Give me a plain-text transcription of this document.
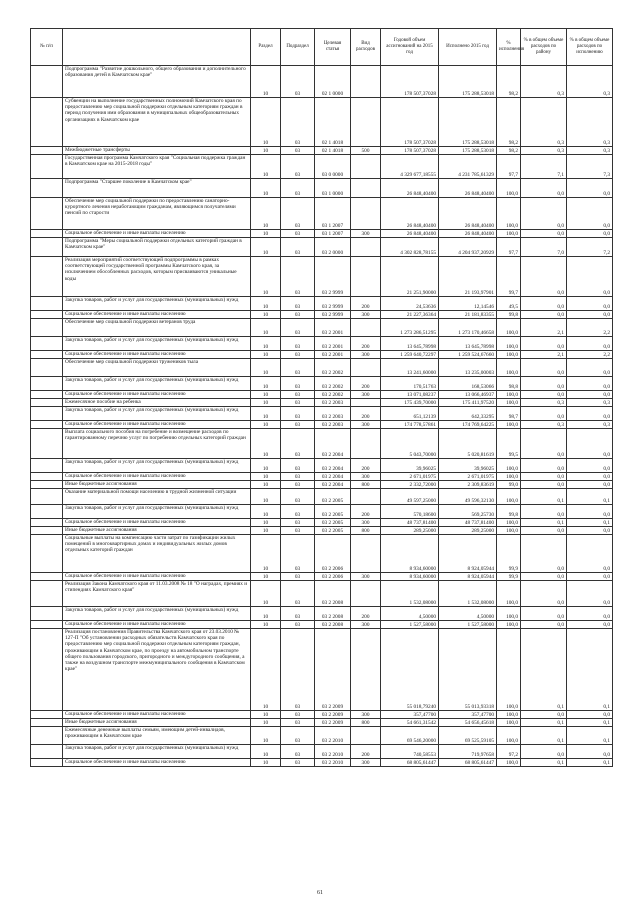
№ п/п		Раздел	Подраздел	Целевая статья	Вид расходов	Годовой объем ассигнований на 2015 год	Исполнено 2015 год	% исполнения	% в общем объеме расходов по району	% в общем объеме расходов по исполнению
	Подпрограмма "Развитие дошкольного, общего образования и дополнительного образования детей в Камчатском крае"	10	03	02 1 0000		178 507,37028	175 288,53018	98,2	0,3	0,3
	Субвенции на выполнение государственных полномочий Камчатского края по предоставлению мер социальной поддержки отдельным категориям граждан в период получения ими образования в муниципальных общеобразовательных организациях в Камчатском крае	10	03	02 1 4018		178 507,37028	175 288,53018	98,2	0,3	0,3
	Межбюджетные трансферты	10	03	02 1 4018	500	178 507,37028	175 288,53018	98,2	0,3	0,3
	Государственная программа Камчатского края "Социальная поддержка граждан в Камчатском крае на 2015-2018 годы"	10	03	03 0 0000		4 329 677,18555	4 231 785,61329	97,7	7,1	7,3
	Подпрограмма "Старшее поколение в Камчатском крае"	10	03	03 1 0000		26 848,40400	26 848,40400	100,0	0,0	0,0
	Обеспечение мер социальной поддержки по предоставлению санаторно-курортного лечения неработающим гражданам, являющимся получателями пенсий по старости	10	03	03 1 2007		26 848,40400	26 848,40400	100,0	0,0	0,0
	Социальное обеспечение и иные выплаты населению	10	03	03 1 2007	300	26 848,40400	26 848,40400	100,0	0,0	0,0
	Подпрограмма "Меры социальной поддержки отдельных категорий граждан в Камчатском крае"	10	03	03 2 0000		4 302 828,78155	4 204 937,20929	97,7	7,0	7,2
	Реализация мероприятий соответствующей подпрограммы в рамках соответствующей государственной программы Камчатского края, за исключением обособленных расходов, которым присваиваются уникальные коды	10	03	03 2 9999		21 251,90000	21 193,97901	99,7	0,0	0,0
	Закупка товаров, работ и услуг для государственных (муниципальных) нужд	10	03	03 2 9999	200	24,53636	12,14546	49,5	0,0	0,0
	Социальное обеспечение и иные выплаты населению	10	03	03 2 9999	300	21 227,36364	21 181,83355	99,8	0,0	0,0
	Обеспечение мер социальной поддержки ветеранов труда	10	03	03 2 2001		1 273 286,51295	1 273 170,46658	100,0	2,1	2,2
	Закупка товаров, работ и услуг для государственных (муниципальных) нужд	10	03	03 2 2001	200	13 645,78998	13 645,78998	100,0	0,0	0,0
	Социальное обеспечение и иные выплаты населению	10	03	03 2 2001	300	1 259 640,72297	1 259 524,67660	100,0	2,1	2,2
	Обеспечение мер социальной поддержки тружеников тыла	10	03	03 2 2002		13 241,60000	13 235,00003	100,0	0,0	0,0
	Закупка товаров, работ и услуг для государственных (муниципальных) нужд	10	03	03 2 2002	200	170,51763	168,53066	98,8	0,0	0,0
	Социальное обеспечение и иные выплаты населению	10	03	03 2 2002	300	13 071,08237	13 066,46937	100,0	0,0	0,0
	Ежемесячное пособие на ребенка	10	03	03 2 2003		175 439,70000	175 411,97520	100,0	0,3	0,3
	Закупка товаров, работ и услуг для государственных (муниципальных) нужд	10	03	03 2 2003	200	651,12139	642,33295	98,7	0,0	0,0
	Социальное обеспечение и иные выплаты населению	10	03	03 2 2003	300	174 778,57861	174 769,64225	100,0	0,3	0,3
	Выплата социального пособия на погребение и возмещение расходов по гарантированному перечню услуг по погребению отдельных категорий граждан	10	03	03 2 2004		5 043,70000	5 020,81619	99,5	0,0	0,0
	Закупка товаров, работ и услуг для государственных (муниципальных) нужд	10	03	03 2 2004	200	39,96025	39,96025	100,0	0,0	0,0
	Социальное обеспечение и иные выплаты населению	10	03	03 2 2004	300	2 671,01975	2 671,01975	100,0	0,0	0,0
	Иные бюджетные ассигнования	10	03	03 2 2004	800	2 332,72000	2 309,83619	99,0	0,0	0,0
	Оказание материальной помощи населению в трудной жизненной ситуации	10	03	03 2 2005		49 597,25000	49 596,32130	100,0	0,1	0,1
	Закупка товаров, работ и услуг для государственных (муниципальных) нужд	10	03	03 2 2005	200	570,18600	569,25730	99,8	0,0	0,0
	Социальное обеспечение и иные выплаты населению	10	03	03 2 2005	300	48 737,81400	48 737,81400	100,0	0,1	0,1
	Иные бюджетные ассигнования	10	03	03 2 2005	800	289,25000	289,25000	100,0	0,0	0,0
	Социальные выплаты на компенсацию части затрат по газификации жилых помещений в многоквартирных домах и индивидуальных жилых домов отдельных категорий граждан	10	03	03 2 2006		8 934,60000	8 924,05944	99,9	0,0	0,0
	Социальное обеспечение и иные выплаты населению	10	03	03 2 2006	300	8 934,60000	8 924,05944	99,9	0,0	0,0
	Реализация Закона Камчатского края от 11.03.2008 № 18 "О наградах, премиях и стипендиях Камчатского края"	10	03	03 2 2008		1 532,08000	1 532,08000	100,0	0,0	0,0
	Закупка товаров, работ и услуг для государственных (муниципальных) нужд	10	03	03 2 2008	200	4,50000	4,50000	100,0	0,0	0,0
	Социальное обеспечение и иные выплаты населению	10	03	03 2 2008	300	1 527,58000	1 527,58000	100,0	0,0	0,0
	Реализация постановления Правительства Камчатского края от 23.03.2010 № 127-П "Об установлении расходных обязательств Камчатского края по предоставлению мер социальной поддержки отдельным категориям граждан, проживающим в Камчатском крае, по проезду на автомобильном транспорте общего пользования городского, пригородного и междугородного сообщения, а также на воздушном транспорте межмуниципального сообщения в Камчатском крае"	10	03	03 2 2009		55 018,79240	55 013,93318	100,0	0,1	0,1
	Социальное обеспечение и иные выплаты населению	10	03	03 2 2009	300	357,47700	357,47700	100,0	0,0	0,0
	Иные бюджетные ассигнования	10	03	03 2 2009	800	54 661,31542	54 656,45618	100,0	0,1	0,1
	Ежемесячные денежные выплаты семьям, имеющим детей-инвалидов, проживающим в Камчатском крае	10	03	03 2 2010		69 546,20000	69 525,59105	100,0	0,1	0,1
	Закупка товаров, работ и услуг для государственных (муниципальных) нужд	10	03	03 2 2010	200	740,58553	719,97658	97,2	0,0	0,0
	Социальное обеспечение и иные выплаты населению	10	03	03 2 2010	300	68 805,61447	68 805,61447	100,0	0,1	0,1
61
